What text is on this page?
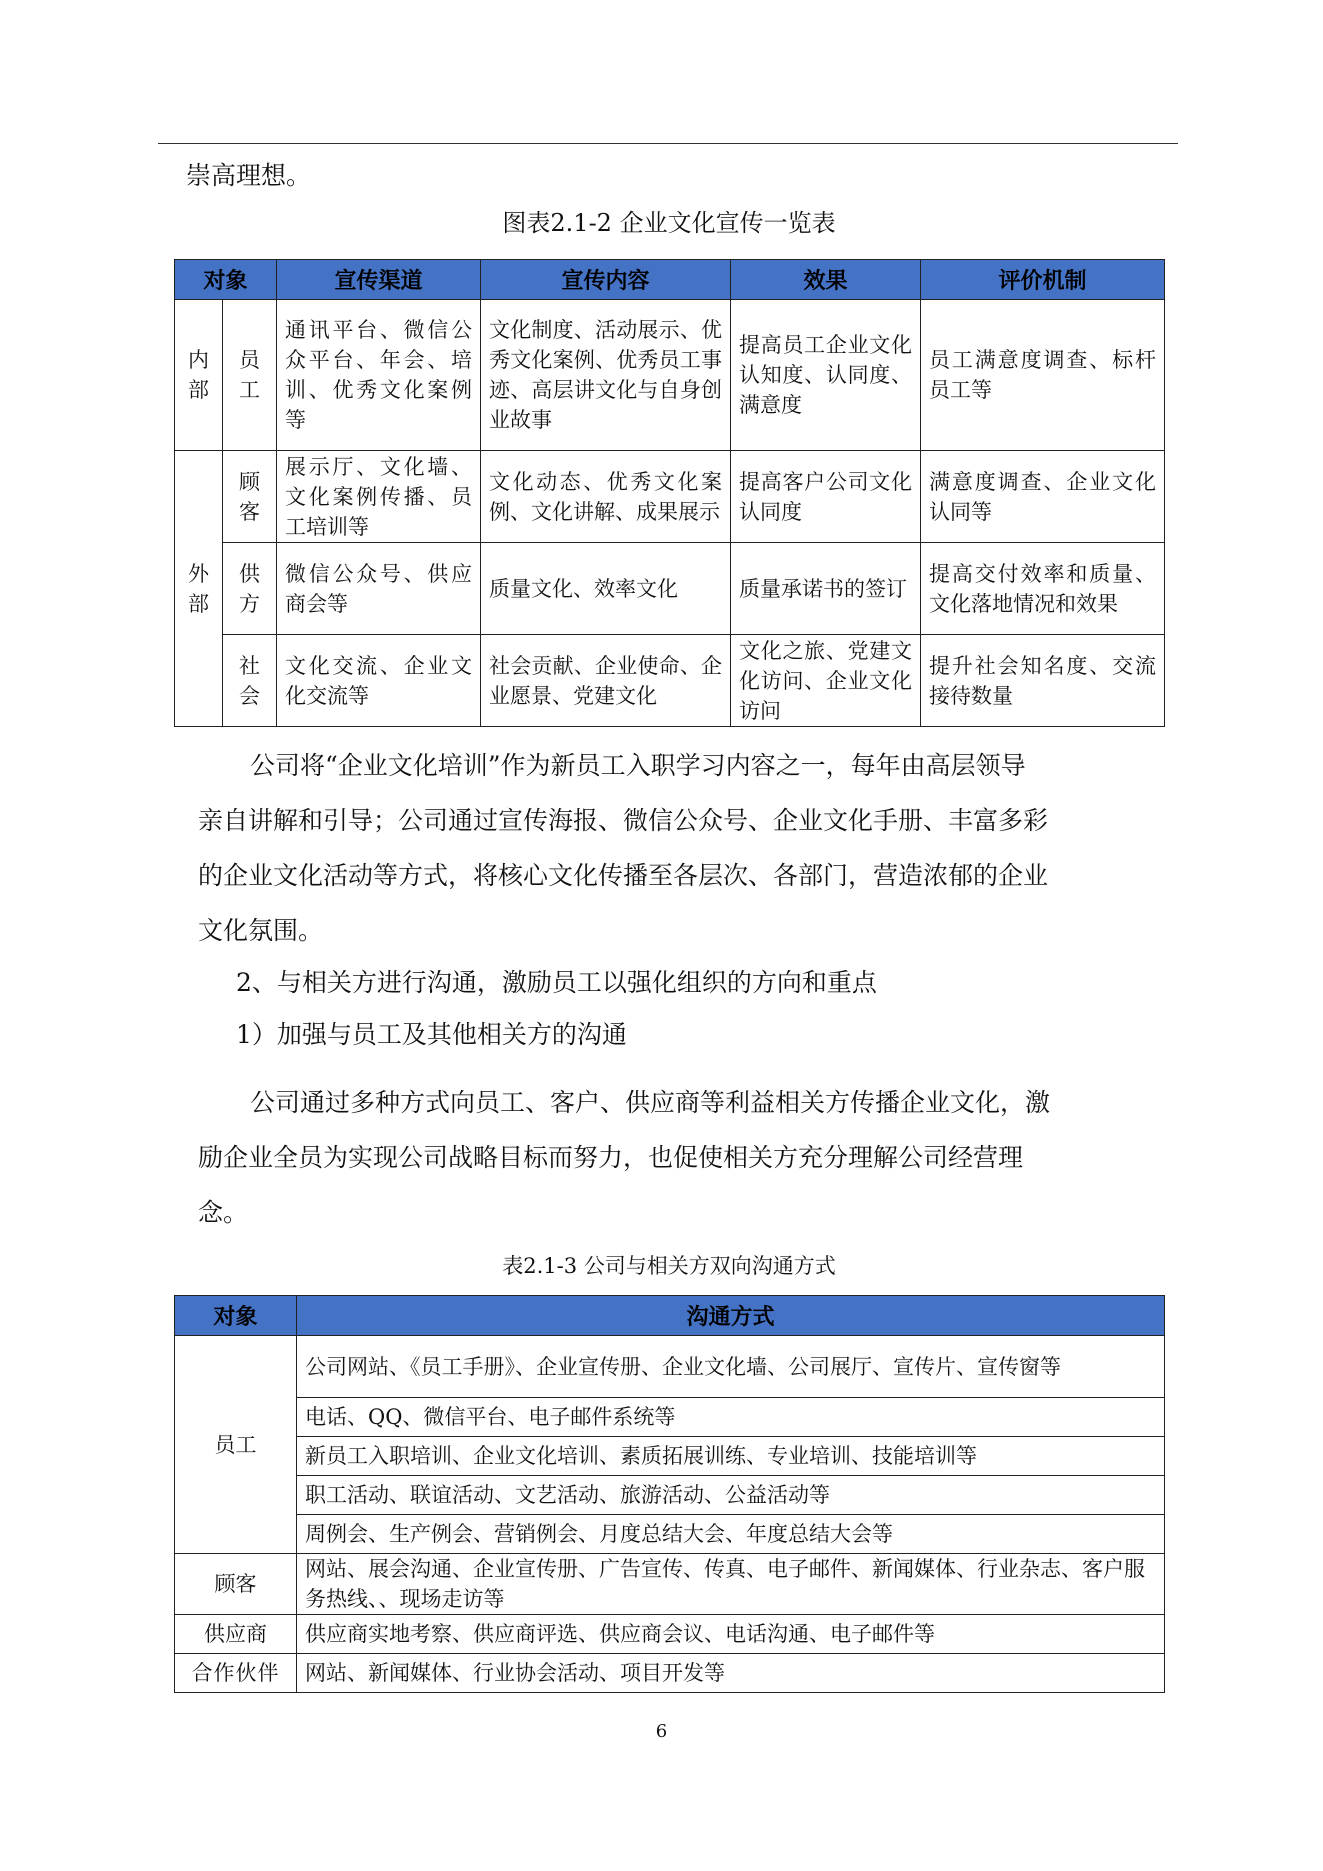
崇高理想。

图表2.1-2 企业文化宣传一览表

对象		宣传渠道	宣传内容	效果	评价机制

内
部	员
工	通讯平台、微信公众平台、年会、培训、优秀文化案例等	文化制度、活动展示、优秀文化案例、优秀员工事迹、高层讲文化与自身创业故事	提高员工企业文化认知度、认同度、满意度	员工满意度调查、标杆员工等

外
部	顾
客	展示厅、文化墙、文化案例传播、员工培训等	文化动态、优秀文化案例、文化讲解、成果展示	提高客户公司文化认同度	满意度调查、企业文化认同等

	供
方	微信公众号、供应商会等	质量文化、效率文化	质量承诺书的签订	提高交付效率和质量、文化落地情况和效果

	社
会	文化交流、企业文化交流等	社会贡献、企业使命、企业愿景、党建文化	文化之旅、党建文化访问、企业文化访问	提升社会知名度、交流接待数量

公司将“企业文化培训”作为新员工入职学习内容之一，每年由高层领导
亲自讲解和引导；公司通过宣传海报、微信公众号、企业文化手册、丰富多彩
的企业文化活动等方式，将核心文化传播至各层次、各部门，营造浓郁的企业
文化氛围。

2、与相关方进行沟通，激励员工以强化组织的方向和重点

1）加强与员工及其他相关方的沟通

公司通过多种方式向员工、客户、供应商等利益相关方传播企业文化，激
励企业全员为实现公司战略目标而努力，也促使相关方充分理解公司经营理
念。

表2.1-3 公司与相关方双向沟通方式

对象	沟通方式
员工	公司网站、《员工手册》、企业宣传册、企业文化墙、公司展厅、宣传片、宣传窗等
	电话、QQ、微信平台、电子邮件系统等
	新员工入职培训、企业文化培训、素质拓展训练、专业培训、技能培训等
	职工活动、联谊活动、文艺活动、旅游活动、公益活动等
	周例会、生产例会、营销例会、月度总结大会、年度总结大会等
顾客	网站、展会沟通、企业宣传册、广告宣传、传真、电子邮件、新闻媒体、行业杂志、客户服务热线、、现场走访等
供应商	供应商实地考察、供应商评选、供应商会议、电话沟通、电子邮件等
合作伙伴	网站、新闻媒体、行业协会活动、项目开发等

6
